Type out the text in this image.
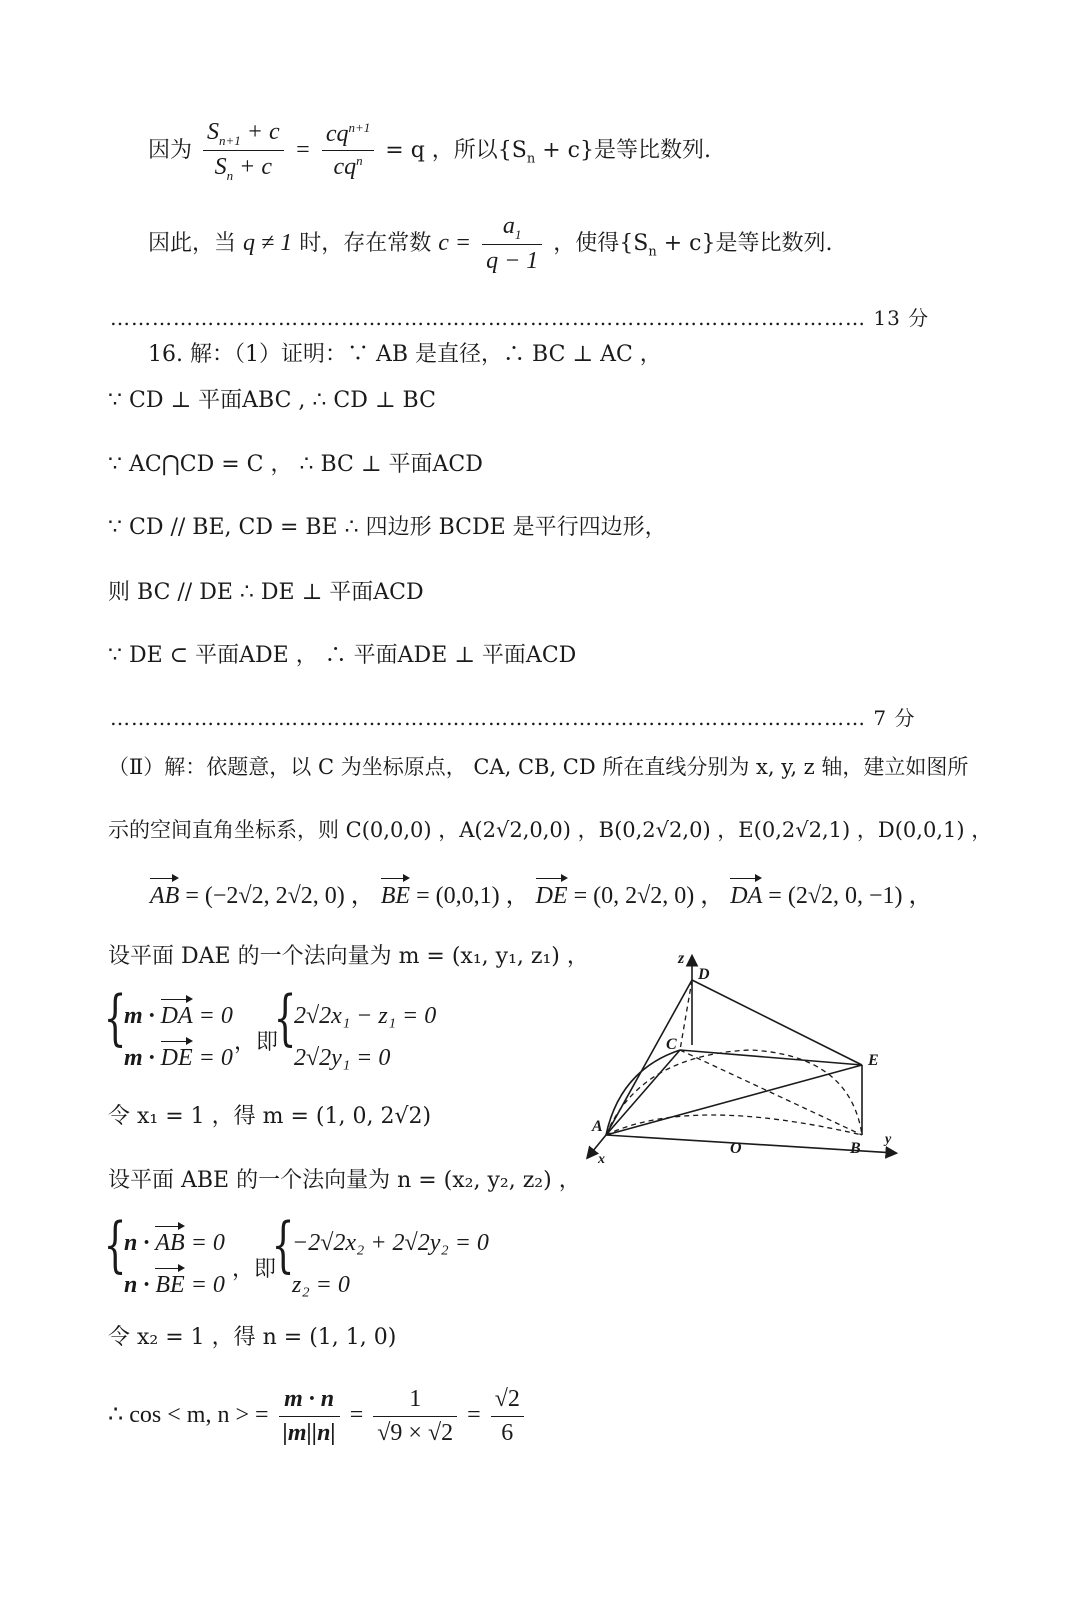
因为 $\frac{S_{n+1} + c}{S_n + c} = \frac{cq^{n+1}}{cq^n} = q$ ，所以$\{S_n + c\}$是等比数列.
因此，当 q ≠ 1 时，存在常数 $c = \frac{a_1}{q - 1}$ ，使得$\{S_n + c\}$是等比数列.
……………………………………………………………………………………………… 13 分
16. 解：（1）证明：∵ AB 是直径，∴ BC ⊥ AC ，
∵ CD ⊥ 平面ABC , ∴ CD ⊥ BC
∵ AC⋂CD = C ， ∴ BC ⊥ 平面ACD
∵ CD // BE, CD = BE ∴ 四边形 BCDE 是平行四边形，
则 BC // DE ∴ DE ⊥ 平面ACD
∵ DE ⊂ 平面ADE ， ∴ 平面ADE ⊥ 平面ACD
……………………………………………………………………………………………… 7 分
（Ⅱ）解：依题意，以 C 为坐标原点， CA, CB, CD 所在直线分别为 x, y, z 轴，建立如图所
示的空间直角坐标系，则 C(0,0,0) ，A(2√2,0,0) ，B(0,2√2,0) ，E(0,2√2,1) ，D(0,0,1) ，
AB = (−2√2, 2√2, 0) ， BE = (0,0,1) ， DE = (0, 2√2, 0) ， DA = (2√2, 0, −1) ，
设平面 DAE 的一个法向量为 m = (x₁, y₁, z₁) ，
{
m · DA = 0
m · DE = 0
，即
{
2√2x₁ − z₁ = 0
2√2y₁ = 0
令 x₁ = 1 ，得 m = (1, 0, 2√2)
设平面 ABE 的一个法向量为 n = (x₂, y₂, z₂) ，
{
n · AB = 0
n · BE = 0
，即
{
−2√2x₂ + 2√2y₂ = 0
z₂ = 0
令 x₂ = 1 ，得 n = (1, 1, 0)
∴ cos < m, n > = $\frac{m \cdot n}{|m||n|} = \frac{1}{√9 \times √2} = \frac{√2}{6}$
z
D
C
E
A
O	B
x
y
